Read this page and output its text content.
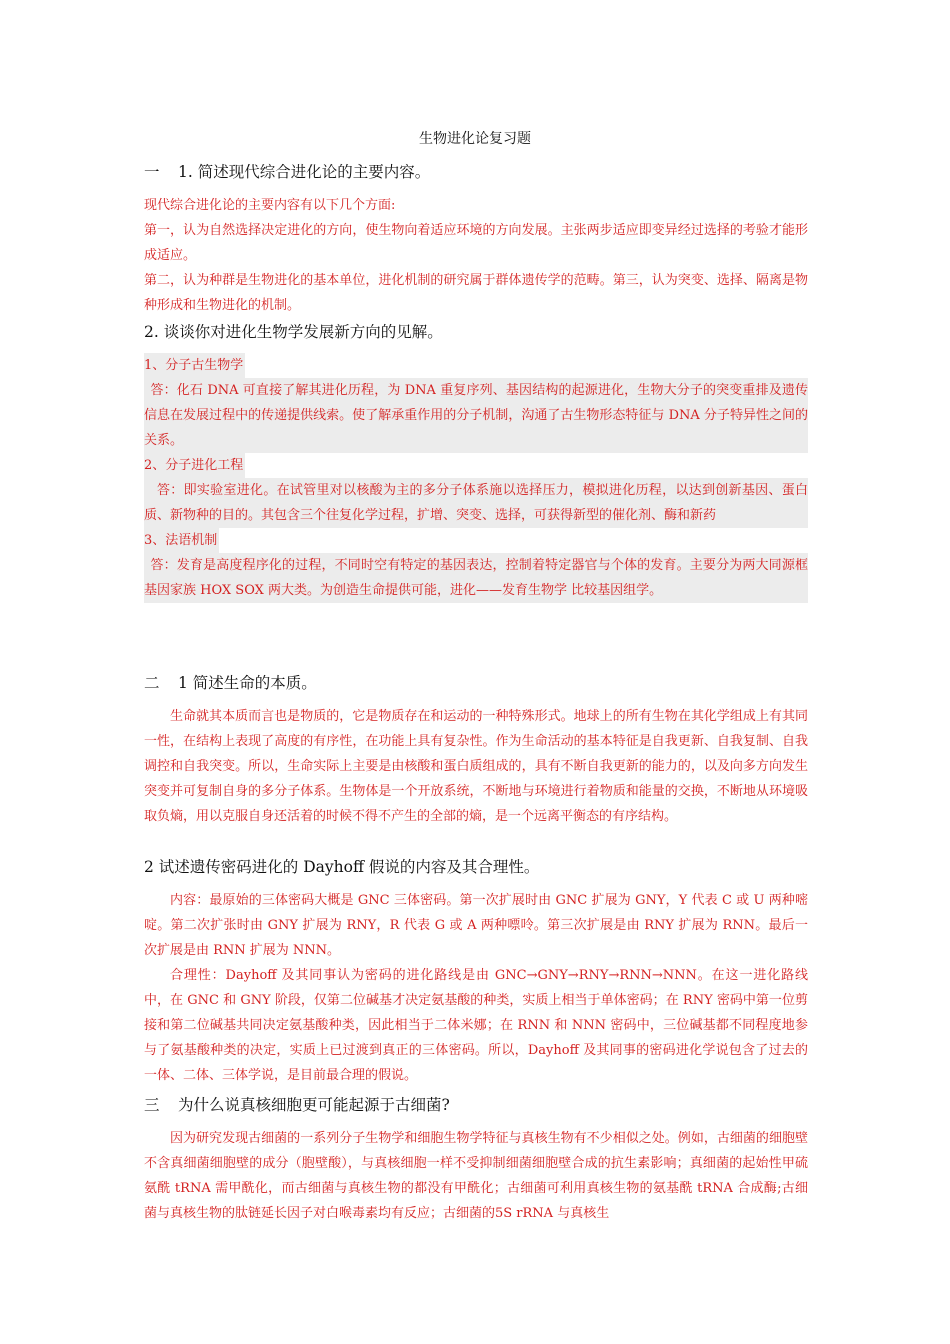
生物进化论复习题
一 1. 简述现代综合进化论的主要内容。

现代综合进化论的主要内容有以下几个方面:

第一，认为自然选择决定进化的方向，使生物向着适应环境的方向发展。主张两步适应即变异经过选择的考验才能形成适应。

第二，认为种群是生物进化的基本单位，进化机制的研究属于群体遗传学的范畴。第三，认为突变、选择、隔离是物种形成和生物进化的机制。

2. 谈谈你对进化生物学发展新方向的见解。

1、分子古生物学

答：化石 DNA 可直接了解其进化历程，为 DNA 重复序列、基因结构的起源进化，生物大分子的突变重排及遗传信息在发展过程中的传递提供线索。使了解承重作用的分子机制，沟通了古生物形态特征与 DNA 分子特异性之间的关系。

2、分子进化工程

答：即实验室进化。在试管里对以核酸为主的多分子体系施以选择压力，模拟进化历程，以达到创新基因、蛋白质、新物种的目的。其包含三个往复化学过程，扩增、突变、选择，可获得新型的催化剂、酶和新药

3、法语机制

答：发育是高度程序化的过程，不同时空有特定的基因表达，控制着特定器官与个体的发育。主要分为两大同源框基因家族 HOX SOX 两大类。为创造生命提供可能，进化——发育生物学 比较基因组学。

二 1 简述生命的本质。

生命就其本质而言也是物质的，它是物质存在和运动的一种特殊形式。地球上的所有生物在其化学组成上有其同一性，在结构上表现了高度的有序性，在功能上具有复杂性。作为生命活动的基本特征是自我更新、自我复制、自我调控和自我突变。所以，生命实际上主要是由核酸和蛋白质组成的，具有不断自我更新的能力的，以及向多方向发生突变并可复制自身的多分子体系。生物体是一个开放系统，不断地与环境进行着物质和能量的交换，不断地从环境吸取负熵，用以克服自身还活着的时候不得不产生的全部的熵，是一个远离平衡态的有序结构。

2 试述遗传密码进化的 Dayhoff 假说的内容及其合理性。

内容：最原始的三体密码大概是 GNC 三体密码。第一次扩展时由 GNC 扩展为 GNY，Y 代表 C 或 U 两种嘧啶。第二次扩张时由 GNY 扩展为 RNY，R 代表 G 或 A 两种嘌呤。第三次扩展是由 RNY 扩展为 RNN。最后一次扩展是由 RNN 扩展为 NNN。

合理性：Dayhoff 及其同事认为密码的进化路线是由 GNC→GNY→RNY→RNN→NNN。在这一进化路线中，在 GNC 和 GNY 阶段，仅第二位碱基才决定氨基酸的种类，实质上相当于单体密码；在 RNY 密码中第一位剪接和第二位碱基共同决定氨基酸种类，因此相当于二体米娜；在 RNN 和 NNN 密码中，三位碱基都不同程度地参与了氨基酸种类的决定，实质上已过渡到真正的三体密码。所以，Dayhoff 及其同事的密码进化学说包含了过去的一体、二体、三体学说，是目前最合理的假说。

三 为什么说真核细胞更可能起源于古细菌?

因为研究发现古细菌的一系列分子生物学和细胞生物学特征与真核生物有不少相似之处。例如，古细菌的细胞壁不含真细菌细胞壁的成分（胞壁酸），与真核细胞一样不受抑制细菌细胞壁合成的抗生素影响；真细菌的起始性甲硫氨酰 tRNA 需甲酰化，而古细菌与真核生物的都没有甲酰化；古细菌可利用真核生物的氨基酰 tRNA 合成酶;古细菌与真核生物的肽链延长因子对白喉毒素均有反应；古细菌的5S rRNA 与真核生
